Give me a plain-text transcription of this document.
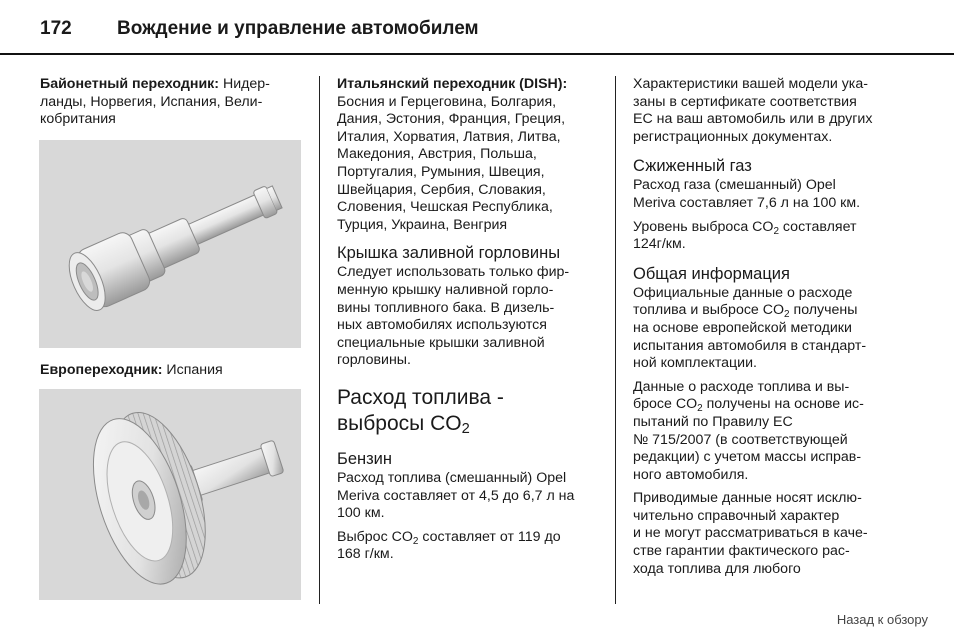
172 Вождение и управление автомобилем
Байонетный переходник: Нидер-
ланды, Норвегия, Испания, Вели-
кобритания
Европереходник: Испания
Итальянский переходник (DISH):
Босния и Герцеговина, Болгария,
Дания, Эстония, Франция, Греция,
Италия, Хорватия, Латвия, Литва,
Македония, Австрия, Польша,
Португалия, Румыния, Швеция,
Швейцария, Сербия, Словакия,
Словения, Чешская Республика,
Турция, Украина, Венгрия
Крышка заливной горловины
Следует использовать только фир-
менную крышку наливной горло-
вины топливного бака. В дизель-
ных автомобилях используются
специальные крышки заливной
горловины.
Расход топлива -
выбросы $CO_2$
Бензин
Расход топлива (смешанный) Opel
Meriva составляет от 4,5 до 6,7 л на
100 км.
Выброс $CO_2$ составляет от 119 до
168 г/км.
Характеристики вашей модели ука-
заны в сертификате соответствия
ЕС на ваш автомобиль или в других
регистрационных документах.
Сжиженный газ
Расход газа (смешанный) Opel
Meriva составляет 7,6 л на 100 км.
Уровень выброса $CO_2$ составляет
124г/км.
Общая информация
Официальные данные о расходе
топлива и выбросе $CO_2$ получены
на основе европейской методики
испытания автомобиля в стандарт-
ной комплектации.
Данные о расходе топлива и вы-
бросе $CO_2$ получены на основе ис-
пытаний по Правилу ЕС
№ 715/2007 (в соответствующей
редакции) с учетом массы исправ-
ного автомобиля.
Приводимые данные носят исклю-
чительно справочный характер
и не могут рассматриваться в каче-
стве гарантии фактического рас-
хода топлива для любого
Назад к обзору
